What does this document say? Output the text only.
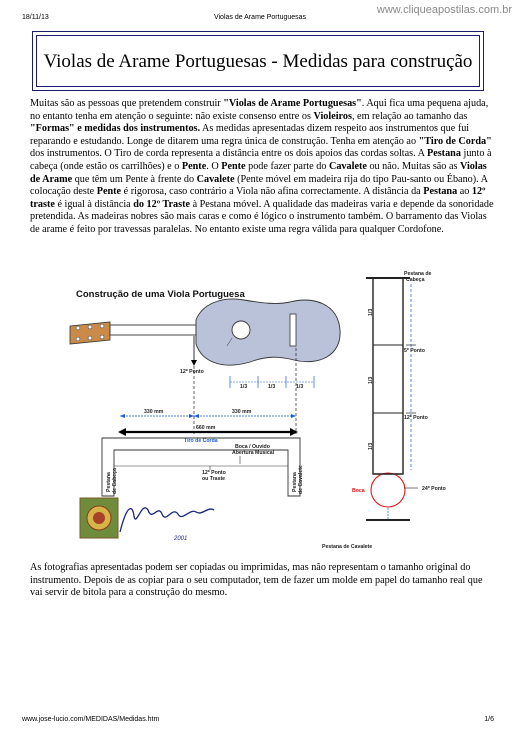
18/11/13	Violas de Arame Portuguesas
www.cliqueapostilas.com.br
Violas de Arame Portuguesas - Medidas para construção
Muitas são as pessoas que pretendem construir "Violas de Arame Portuguesas". Aqui fica uma pequena ajuda, no entanto tenha em atenção o seguinte: não existe consenso entre os Violeiros, em relação ao tamanho das "Formas" e medidas dos instrumentos. As medidas apresentadas dizem respeito aos instrumentos que fui reparando e estudando. Longe de ditarem uma regra única de construção. Tenha em atenção ao "Tiro de Corda" dos instrumentos. O Tiro de corda representa a distância entre os dois apoios das cordas soltas. A Pestana junto à cabeça (onde estão os carrilhões) e o Pente. O Pente pode fazer parte do Cavalete ou não. Muitas são as Violas de Arame que têm um Pente à frente do Cavalete (Pente móvel em madeira rija do tipo Pau-santo ou Ébano). A colocação deste Pente é rigorosa, caso contrário a Viola não afina correctamente. A distância da Pestana ao 12º traste é igual à distância do 12º Traste à Pestana móvel. A qualidade das madeiras varia e depende da sonoridade pretendida. As madeiras nobres são mais caras e como é lógico o instrumento também. O barramento das Violas de arame é feito por travessas paralelas. No entanto existe uma regra válida para qualquer Cordofone.
Construção de uma Viola Portuguesa
12º Ponto
1/3	1/3	1/3
330 mm	330 mm
660 mm
Tiro de Corda
Pestana de Cabeça	Pestana de Cavalete
Boca / Ouvido
Abertura Musical
12º Ponto
ou Traste
2001
Pestana de
Cabeça
1/3
1/3
1/3
5º Ponto
12º Ponto
Boca	24º Ponto
Pestana de Cavalete
As fotografias apresentadas podem ser copiadas ou imprimidas, mas não representam o tamanho original do instrumento. Depois de as copiar para o seu computador, tem de fazer um molde em papel do tamanho real que vai servir de bitola para a construção do mesmo.
www.jose-lucio.com/MEDIDAS/Medidas.htm	1/6
